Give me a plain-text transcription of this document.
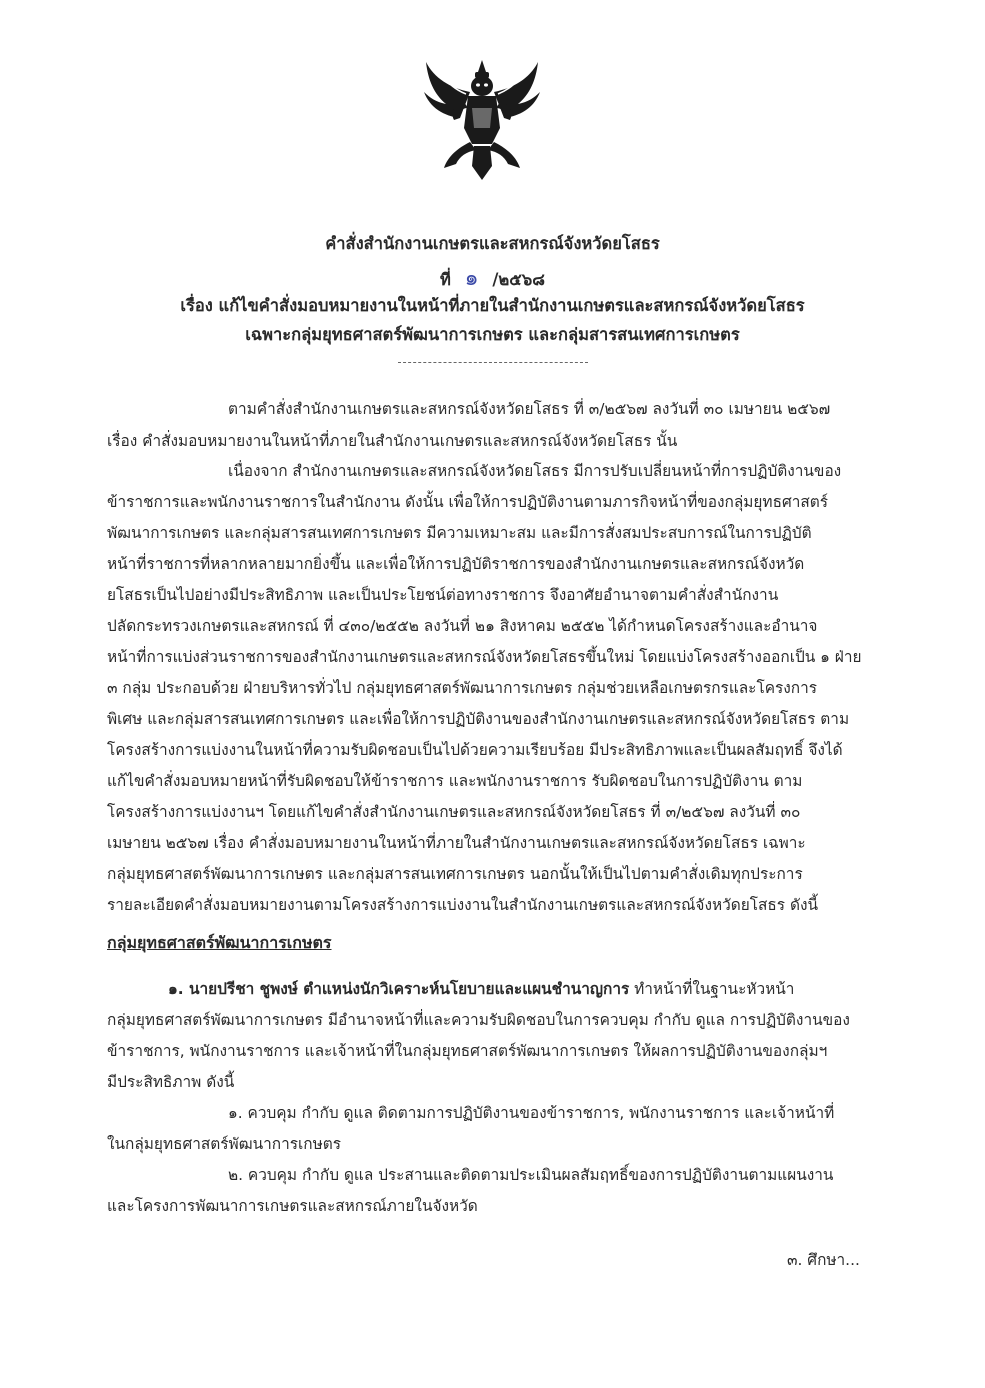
คำสั่งสำนักงานเกษตรและสหกรณ์จังหวัดยโสธร
ที่ ๑ /๒๕๖๘
เรื่อง แก้ไขคำสั่งมอบหมายงานในหน้าที่ภายในสำนักงานเกษตรและสหกรณ์จังหวัดยโสธร
เฉพาะกลุ่มยุทธศาสตร์พัฒนาการเกษตร และกลุ่มสารสนเทศการเกษตร
ตามคำสั่งสำนักงานเกษตรและสหกรณ์จังหวัดยโสธร ที่ ๓/๒๕๖๗ ลงวันที่ ๓๐ เมษายน ๒๕๖๗
เรื่อง คำสั่งมอบหมายงานในหน้าที่ภายในสำนักงานเกษตรและสหกรณ์จังหวัดยโสธร นั้น
เนื่องจาก สำนักงานเกษตรและสหกรณ์จังหวัดยโสธร มีการปรับเปลี่ยนหน้าที่การปฏิบัติงานของ
ข้าราชการและพนักงานราชการในสำนักงาน ดังนั้น เพื่อให้การปฏิบัติงานตามภารกิจหน้าที่ของกลุ่มยุทธศาสตร์
พัฒนาการเกษตร และกลุ่มสารสนเทศการเกษตร มีความเหมาะสม และมีการสั่งสมประสบการณ์ในการปฏิบัติ
หน้าที่ราชการที่หลากหลายมากยิ่งขึ้น และเพื่อให้การปฏิบัติราชการของสำนักงานเกษตรและสหกรณ์จังหวัด
ยโสธรเป็นไปอย่างมีประสิทธิภาพ และเป็นประโยชน์ต่อทางราชการ จึงอาศัยอำนาจตามคำสั่งสำนักงาน
ปลัดกระทรวงเกษตรและสหกรณ์ ที่ ๔๓๐/๒๕๕๒ ลงวันที่ ๒๑ สิงหาคม ๒๕๕๒ ได้กำหนดโครงสร้างและอำนาจ
หน้าที่การแบ่งส่วนราชการของสำนักงานเกษตรและสหกรณ์จังหวัดยโสธรขึ้นใหม่ โดยแบ่งโครงสร้างออกเป็น ๑ ฝ่าย
๓ กลุ่ม ประกอบด้วย ฝ่ายบริหารทั่วไป กลุ่มยุทธศาสตร์พัฒนาการเกษตร กลุ่มช่วยเหลือเกษตรกรและโครงการ
พิเศษ และกลุ่มสารสนเทศการเกษตร และเพื่อให้การปฏิบัติงานของสำนักงานเกษตรและสหกรณ์จังหวัดยโสธร ตาม
โครงสร้างการแบ่งงานในหน้าที่ความรับผิดชอบเป็นไปด้วยความเรียบร้อย มีประสิทธิภาพและเป็นผลสัมฤทธิ์ จึงได้
แก้ไขคำสั่งมอบหมายหน้าที่รับผิดชอบให้ข้าราชการ และพนักงานราชการ รับผิดชอบในการปฏิบัติงาน ตาม
โครงสร้างการแบ่งงานฯ โดยแก้ไขคำสั่งสำนักงานเกษตรและสหกรณ์จังหวัดยโสธร ที่ ๓/๒๕๖๗ ลงวันที่ ๓๐
เมษายน ๒๕๖๗ เรื่อง คำสั่งมอบหมายงานในหน้าที่ภายในสำนักงานเกษตรและสหกรณ์จังหวัดยโสธร เฉพาะ
กลุ่มยุทธศาสตร์พัฒนาการเกษตร และกลุ่มสารสนเทศการเกษตร นอกนั้นให้เป็นไปตามคำสั่งเดิมทุกประการ
รายละเอียดคำสั่งมอบหมายงานตามโครงสร้างการแบ่งงานในสำนักงานเกษตรและสหกรณ์จังหวัดยโสธร ดังนี้
กลุ่มยุทธศาสตร์พัฒนาการเกษตร
๑. นายปรีชา ชูพงษ์ ตำแหน่งนักวิเคราะห์นโยบายและแผนชำนาญการ ทำหน้าที่ในฐานะหัวหน้า
กลุ่มยุทธศาสตร์พัฒนาการเกษตร มีอำนาจหน้าที่และความรับผิดชอบในการควบคุม กำกับ ดูแล การปฏิบัติงานของ
ข้าราชการ, พนักงานราชการ และเจ้าหน้าที่ในกลุ่มยุทธศาสตร์พัฒนาการเกษตร ให้ผลการปฏิบัติงานของกลุ่มฯ
มีประสิทธิภาพ ดังนี้
๑. ควบคุม กำกับ ดูแล ติดตามการปฏิบัติงานของข้าราชการ, พนักงานราชการ และเจ้าหน้าที่
ในกลุ่มยุทธศาสตร์พัฒนาการเกษตร
๒. ควบคุม กำกับ ดูแล ประสานและติดตามประเมินผลสัมฤทธิ์ของการปฏิบัติงานตามแผนงาน
และโครงการพัฒนาการเกษตรและสหกรณ์ภายในจังหวัด
๓. ศึกษา...
